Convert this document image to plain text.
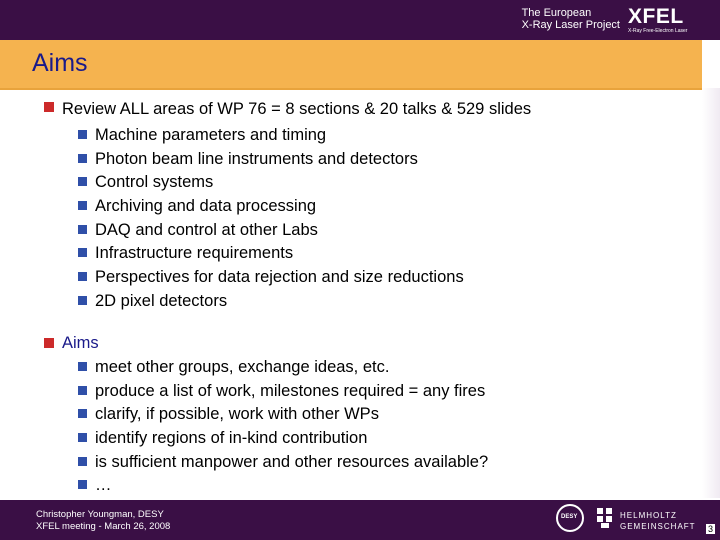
The European
X-Ray Laser Project XFEL
X-Ray Free-Electron Laser
Aims
Review ALL areas of WP 76 = 8 sections & 20 talks & 529 slides
Machine parameters and timing
Photon beam line instruments and detectors
Control systems
Archiving and data processing
DAQ and control at other Labs
Infrastructure requirements
Perspectives for data rejection and size reductions
2D pixel detectors
Aims
meet other groups, exchange ideas, etc.
produce a list of work, milestones required = any fires
clarify, if possible, work with other WPs
identify regions of in-kind contribution
is sufficient manpower and other resources available?
…
Christopher Youngman, DESY
XFEL meeting - March 26, 2008
DESY	HELMHOLTZ
GEMEINSCHAFT 3
